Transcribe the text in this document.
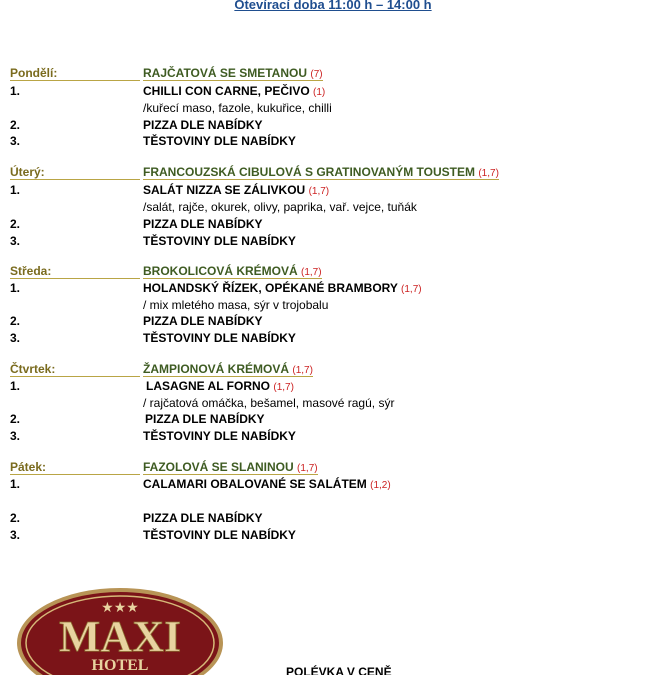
Otevírací doba 11:00 h – 14:00 h
Pondělí:	RAJČATOVÁ SE SMETANOU (7)
1.	CHILLI CON CARNE, PEČIVO (1)
/kuřecí maso, fazole, kukuřice, chilli
2.	PIZZA DLE NABÍDKY
3.	TĚSTOVINY DLE NABÍDKY
Úterý:	FRANCOUZSKÁ CIBULOVÁ S GRATINOVANÝM TOUSTEM (1,7)
1.	SALÁT NIZZA SE ZÁLIVKOU (1,7)
/salát, rajče, okurek, olivy, paprika, vař. vejce, tuňák
2.	PIZZA DLE NABÍDKY
3.	TĚSTOVINY DLE NABÍDKY
Středa:	BROKOLICOVÁ KRÉMOVÁ (1,7)
1.	HOLANDSKÝ ŘÍZEK, OPÉKANÉ BRAMBORY (1,7)
/ mix mletého masa, sýr v trojobalu
2.	PIZZA DLE NABÍDKY
3.	TĚSTOVINY DLE NABÍDKY
Čtvrtek:	ŽAMPIONOVÁ KRÉMOVÁ (1,7)
1.	LASAGNE AL FORNO (1,7)
/ rajčatová omáčka, bešamel, masové ragú, sýr
2.	PIZZA DLE NABÍDKY
3.	TĚSTOVINY DLE NABÍDKY
Pátek:	FAZOLOVÁ SE SLANINOU (1,7)
1.	CALAMARI OBALOVANÉ SE SALÁTEM (1,2)
2.	PIZZA DLE NABÍDKY
3.	TĚSTOVINY DLE NABÍDKY
★★★
MAXI
HOTEL	POLÉVKA V CENĚ
